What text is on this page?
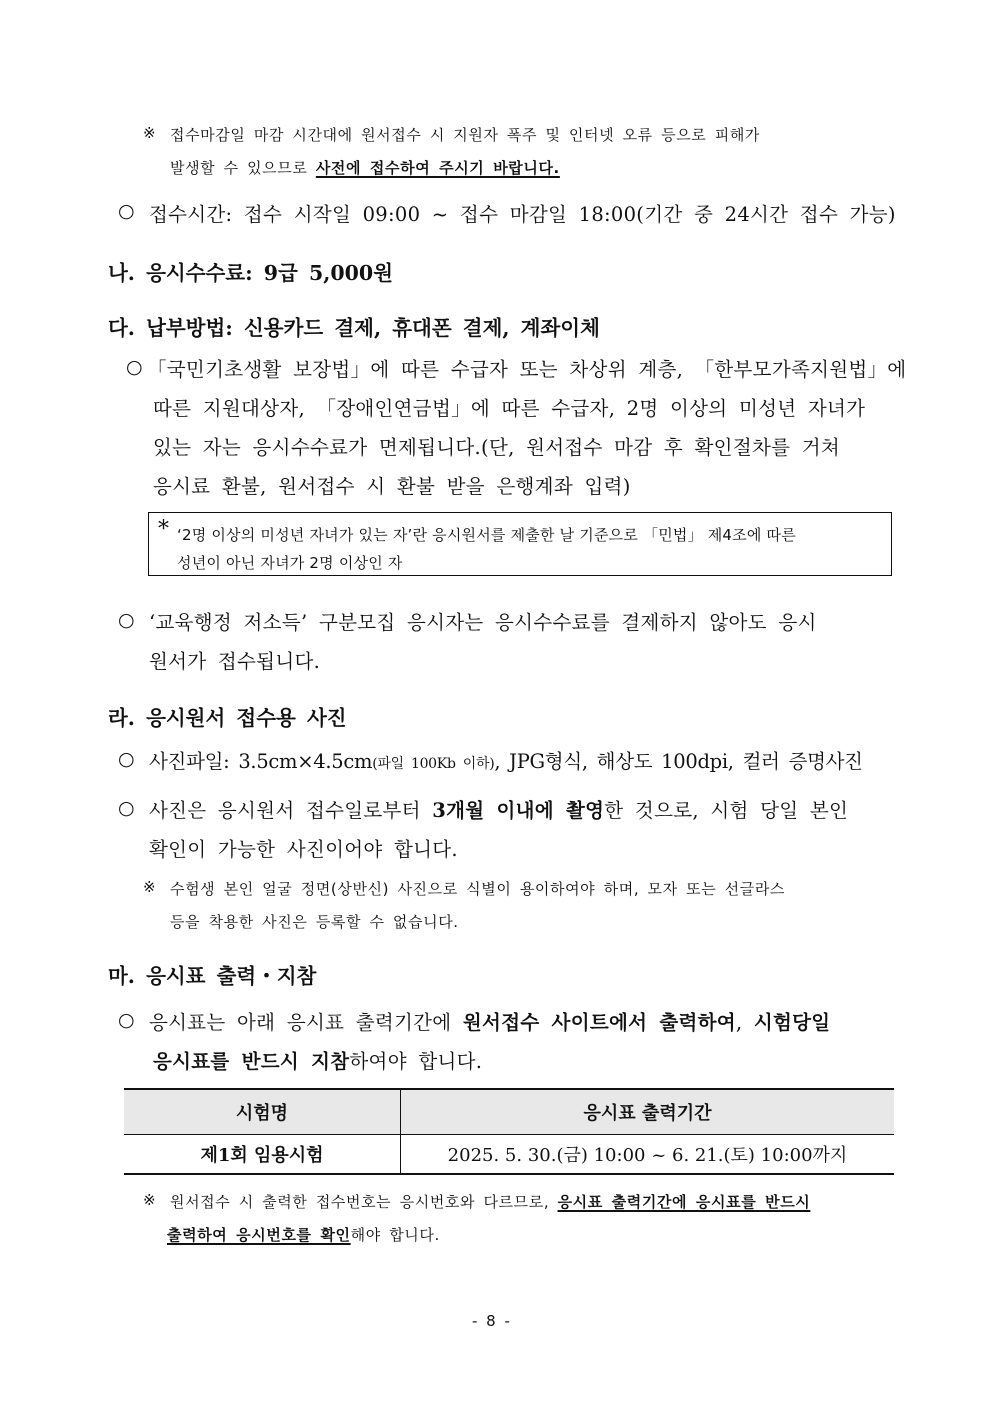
※ 접수마감일 마감 시간대에 원서접수 시 지원자 폭주 및 인터넷 오류 등으로 피해가
발생할 수 있으므로 사전에 접수하여 주시기 바랍니다.
○ 접수시간: 접수 시작일 09:00 ~ 접수 마감일 18:00(기간 중 24시간 접수 가능)
나. 응시수수료: 9급 5,000원
다. 납부방법: 신용카드 결제, 휴대폰 결제, 계좌이체
○ 「국민기초생활 보장법」에 따른 수급자 또는 차상위 계층, 「한부모가족지원법」에
따른 지원대상자, 「장애인연금법」에 따른 수급자, 2명 이상의 미성년 자녀가
있는 자는 응시수수료가 면제됩니다.(단, 원서접수 마감 후 확인절차를 거쳐
응시료 환불, 원서접수 시 환불 받을 은행계좌 입력)
* ‘2명 이상의 미성년 자녀가 있는 자’란 응시원서를 제출한 날 기준으로 「민법」 제4조에 따른
성년이 아닌 자녀가 2명 이상인 자
○ ‘교육행정 저소득’ 구분모집 응시자는 응시수수료를 결제하지 않아도 응시
원서가 접수됩니다.
라. 응시원서 접수용 사진
○ 사진파일: 3.5cm×4.5cm(파일 100Kb 이하), JPG형식, 해상도 100dpi, 컬러 증명사진
○ 사진은 응시원서 접수일로부터 3개월 이내에 촬영한 것으로, 시험 당일 본인
확인이 가능한 사진이어야 합니다.
※ 수험생 본인 얼굴 정면(상반신) 사진으로 식별이 용이하여야 하며, 모자 또는 선글라스
등을 착용한 사진은 등록할 수 없습니다.
마. 응시표 출력・지참
○ 응시표는 아래 응시표 출력기간에 원서접수 사이트에서 출력하여, 시험당일
응시표를 반드시 지참하여야 합니다.
시험명	응시표 출력기간
제1회 임용시험	2025. 5. 30.(금) 10:00 ~ 6. 21.(토) 10:00까지
※ 원서접수 시 출력한 접수번호는 응시번호와 다르므로, 응시표 출력기간에 응시표를 반드시
출력하여 응시번호를 확인해야 합니다.
- 8 -
